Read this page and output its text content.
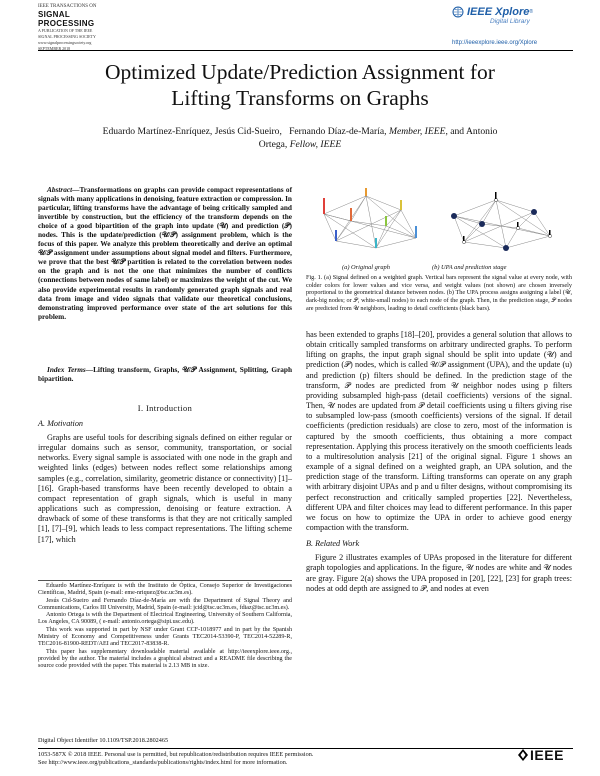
IEEE TRANSACTIONS ON
SIGNAL PROCESSING
A PUBLICATION OF THE IEEE
SIGNAL PROCESSING SOCIETY
www.signalprocessingsociety.org
SEPTEMBER 2018
IEEE Xplore ®
Digital Library
http://ieeexplore.ieee.org/Xplore
Optimized Update/Prediction Assignment for
Lifting Transforms on Graphs
Eduardo Martínez-Enríquez, Jesús Cid-Sueiro,   Fernando Díaz-de-María, Member, IEEE, and Antonio
Ortega, Fellow, IEEE

Abstract—Transformations on graphs can provide compact representations of signals with many applications in denoising, feature extraction or compression. In particular, lifting transforms have the advantage of being critically sampled and invertible by construction, but the efficiency of the transform depends on the choice of a good bipartition of the graph into update (𝒰) and prediction (𝒫) nodes. This is the update/prediction (𝒰/𝒫) assignment problem, which is the focus of this paper. We analyze this problem theoretically and derive an optimal 𝒰/𝒫 assignment under assumptions about signal model and filters. Furthermore, we prove that the best 𝒰/𝒫 partition is related to the correlation between nodes on the graph and is not the one that minimizes the number of conflicts (connections between nodes of same label) or maximizes the weight of the cut. We also provide experimental results in randomly generated graph signals and real data from image and video signals that validate our theoretical conclusions, demonstrating improved performance over state of the art solutions for this problem.

Index Terms—Lifting transform, Graphs, 𝒰/𝒫 Assignment, Splitting, Graph bipartition.

I. Introduction
A. Motivation

Graphs are useful tools for describing signals defined on either regular or irregular domains such as sensor, community, transportation, or social networks. Every signal sample is associated with one node in the graph and weighted links (edges) between nodes reflect some relationships among samples (e.g., correlation, similarity, geometric distance or connectivity) [1]–[16]. Graph-based transforms have been recently developed to obtain a compact representation of graph signals, which is useful in many applications such as compression, denoising or feature extraction. A drawback of some of these transforms is that they are not critically sampled [1], [7]–[9], which leads to less compact representations. The lifting scheme [17], which

Eduardo Martínez-Enríquez is with the Instituto de Óptica, Consejo Superior de Investigaciones Científicas, Madrid, Spain (e-mail: eme-nriquez@tsc.uc3m.es).

Jesús Cid-Sueiro and Fernando Díaz-de-María are with the Department of Signal Theory and Communications, Carlos III University, Madrid, Spain (e-mail: jcid@tsc.uc3m.es, fdiaz@tsc.uc3m.es).

Antonio Ortega is with the Department of Electrical Engineering, University of Southern California, Los Angeles, CA 90089, ( e-mail: antonio.ortega@sipi.usc.edu).

This work was supported in part by NSF under Grant CCF-1018977 and in part by the Spanish Ministry of Economy and Competitiveness under Grants TEC2014-53390-P, TEC2014-52289-R, TEC2016-81900-REDT/AEI and TEC2017-83838-R.

This paper has supplementary downloadable material available at http://ieeexplore.ieee.org., provided by the author. The material includes a graphical abstract and a README file describing the source code provided with the paper. This material is 2.13 MB in size.

Digital Object Identifier 10.1109/TSP.2018.2802465
1053-587X © 2018 IEEE. Personal use is permitted, but republication/redistribution requires IEEE permission.
See http://www.ieee.org/publications_standards/publications/rights/index.html for more information.	IEEE
(a) Original graph	(b) UPA and prediction stage
Fig. 1. (a) Signal defined on a weighted graph. Vertical bars represent the signal value at every node, with colder colors for lower values and vice versa, and weight values (not shown) are chosen inversely proportional to the geometrical distance between nodes. (b) The UPA process assigns assigning a label (𝒰, dark-big nodes; or 𝒫, white-small nodes) to each node of the graph. Then, in the prediction stage, 𝒫 nodes are predicted from 𝒰 neighbors, leading to detail coefficients (black bars).

has been extended to graphs [18]–[20], provides a general solution that allows to obtain critically sampled transforms on arbitrary undirected graphs. To perform lifting on graphs, the input graph signal should be split into update (𝒰) and prediction (𝒫) nodes, which is called 𝒰/𝒫 assignment (UPA), and the update (u) and prediction (p) filters should be defined. In the prediction stage of the transform, 𝒫 nodes are predicted from 𝒰 neighbor nodes using p filters providing subsampled high-pass (detail coefficients) versions of the signal. Then, 𝒰 nodes are updated from 𝒫 detail coefficients using u filters giving rise to subsampled low-pass (smooth coefficients) versions of the signal. If detail coefficients (prediction residuals) are close to zero, most of the information is captured by the smooth coefficients, thus obtaining a more compact representation. Applying this process iteratively on the smooth coefficients leads to a multiresolution analysis [21] of the original signal. Figure 1 shows an example of a signal defined on a weighted graph, an UPA solution, and the prediction stage of the transform. Lifting transforms can operate on any graph with arbitrary disjoint UPAs and p and u filter designs, without compromising its perfect reconstruction and critically sampled properties [22]. Nevertheless, different UPA and filter choices may lead to different performance. In this paper we focus on how to optimize the UPA in order to achieve good energy compaction with the transform.

B. Related Work

Figure 2 illustrates examples of UPAs proposed in the literature for different graph topologies and applications. In the figure, 𝒰 nodes are white and 𝒰 nodes are gray. Figure 2(a) shows the UPA proposed in [20], [22], [23] for graph trees: nodes at odd depth are assigned to 𝒫, and nodes at even
